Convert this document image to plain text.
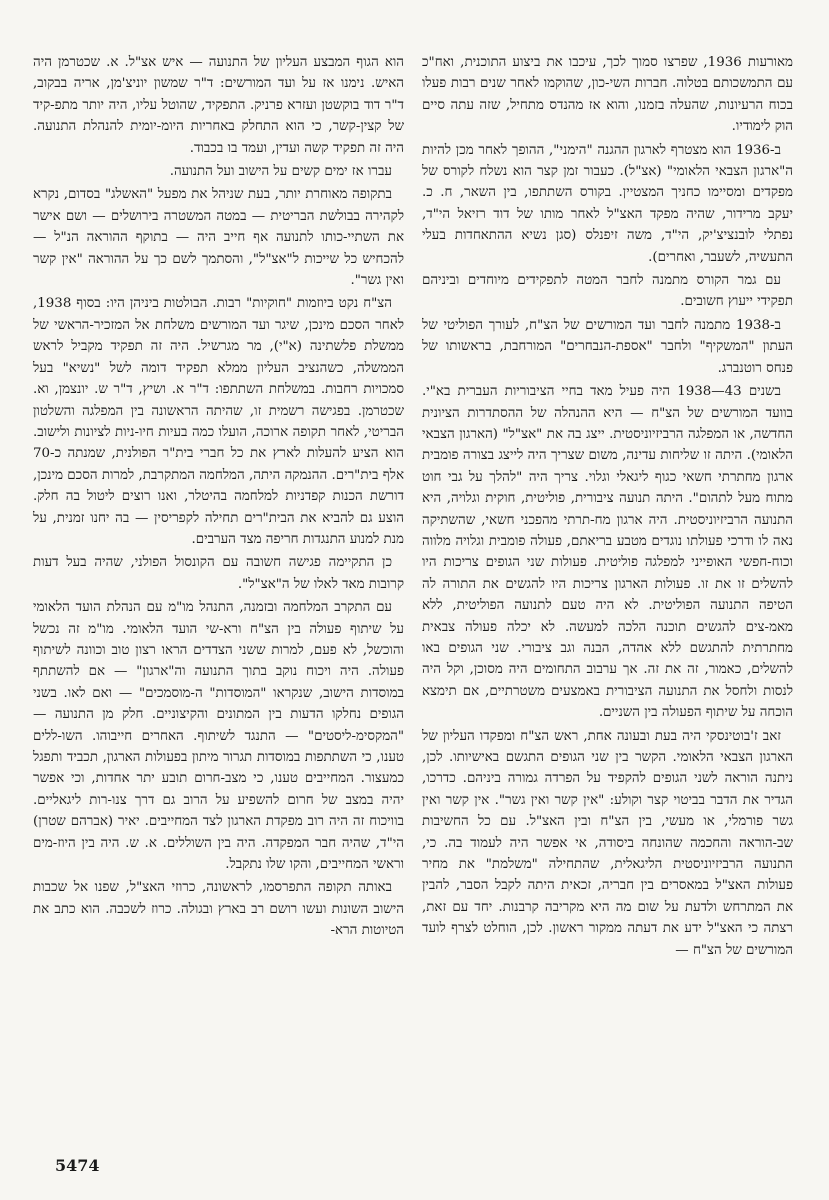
מאורעות 1936, שפרצו סמוך לכך, עיכבו את ביצוע התוכנית, ואח"כ עם התמשכותם בטלוה. חברות השי-כון, שהוקמו לאחר שנים רבות פעלו בכוח הרעיונות, שהעלה בזמנו, והוא אז מהנדס מתחיל, שזה עתה סיים הוק לימודיו.

ב-1936 הוא מצטרף לארגון ההגנה "הימני", ההופך לאחר מכן להיות ה"ארגון הצבאי הלאומי" (אצ"ל). כעבור זמן קצר הוא נשלח לקורס של מפקדים ומסיימו כחניך המצטיין. בקורס השתתפו, בין השאר, ח. כ. יעקב מרידור, שהיה מפקד האצ"ל לאחר מותו של דוד רזיאל הי"ד, נפתלי לובנציצ'יק, הי"ד, משה זיפנלס (סגן נשיא ההתאחדות בעלי התעשיה, לשעבר, ואחרים).

עם גמר הקורס מתמנה לחבר המטה לתפקידים מיוחדים וביניהם תפקידי ייעוץ חשובים.

ב-1938 מתמנה לחבר ועד המורשים של הצ"ח, לעורך הפוליטי של העתון "המשקיף" ולחבר "אספת-הנבחרים" המורחבת, בראשותו של פנחס רוטנברג.

בשנים 43—1938 היה פעיל מאד בחיי הציבוריות העברית בא"י. בוועד המורשים של הצ"ח — היא ההנהלה של ההסתדרות הציונית החדשה, או המפלגה הרביזיוניסטית. ייצג בה את "אצ"ל" (הארגון הצבאי הלאומי). היתה זו שליחות עדינה, משום שצריך היה לייצג בצורה פומבית ארגון מחתרתי חשאי כגוף ליגאלי וגלוי. צריך היה "להלך על גבי חוט מתוח מעל לתהום". היתה תנועה ציבורית, פוליטית, חוקית וגלויה, היא התנועה הרביזיוניסטית. היה ארגון מח-תרתי מהפכני חשאי, שהשתיקה נאה לו ודרכי פעולתו נוגדים מטבע בריאתם, פעולה פומבית וגלויה מלווה וכוח-חפשי האופייני למפלגה פוליטית. פעולות שני הגופים צריכות היו להשלים זו את זו. פעולות הארגון צריכות היו להגשים את התורה לה הטיפה התנועה הפוליטית. לא היה טעם לתנועה הפוליטית, ללא מאמ-צים להגשים תוכנה הלכה למעשה. לא יכלה פעולה צבאית מחתרתית להתגשם ללא אהדה, הבנה וגב ציבורי. שני הגופים באו להשלים, כאמור, זה את זה. אך ערבוב התחומים היה מסוכן, וקל היה לנסות ולחסל את התנועה הציבורית באמצעים משטרתיים, אם תימצא הוכחה על שיתוף הפעולה בין השניים.

זאב ז'בוטינסקי היה בעת ובעונה אחת, ראש הצ"ח ומפקדו העליון של הארגון הצבאי הלאומי. הקשר בין שני הגופים התגשם באישיותו. לכן, ניתנה הוראה לשני הגופים להקפיד על הפרדה גמורה ביניהם. כדרכו, הגדיר את הדבר בביטוי קצר וקולע: "אין קשר ואין גשר". אין קשר ואין גשר פורמלי, או מעשי, בין הצ"ח ובין האצ"ל. עם כל החשיבות שב-הוראה והחכמה שהונחה ביסודה, אי אפשר היה לעמוד בה. כי, התנועה הרביזיוניסטית הליגאלית, שהתחילה "משלמת" את מחיר פעולות האצ"ל במאסרים בין חבריה, זכאית היתה לקבל הסבר, להבין את המתרחש ולדעת על שום מה היא מקריבה קרבנות. יחד עם זאת, רצתה כי האצ"ל ידע את דעתה ממקור ראשון. לכן, הוחלט לצרף לועד המורשים של הצ"ח —

הוא הגוף המבצע העליון של התנועה — איש אצ"ל. א. שכטרמן היה האיש. נימנו אז על ועד המורשים: ד"ר שמשון יוניצ'מן, אריה בבקוב, ד"ר דוד בוקשטן ועזרא פרניק. התפקיד, שהוטל עליו, היה יותר מתפ-קיד של קצין-קשר, כי הוא התחלק באחריות היומ-יומית להנהלת התנועה. היה זה תפקיד קשה ועדין, ועמד בו בכבוד.

עברו אז ימים קשים על הישוב ועל התנועה.

בתקופה מאוחרת יותר, בעת שניהל את מפעל "האשלג" בסדום, נקרא לקהירה בבולשת הבריטית — במטה המשטרה בירושלים — ושם אישר את השתיי-כותו לתנועה אף חייב היה — בתוקף ההוראה הנ"ל — להכחיש כל שייכות ל"אצ"ל", והסתמך לשם כך על ההוראה "אין קשר ואין גשר".

הצ"ח נקט ביוזמות "חוקיות" רבות. הבולטות ביניהן היו: בסוף 1938, לאחר הסכם מינכן, שיגר ועד המורשים משלחת אל המזכיר-הראשי של ממשלת פלשתינה (א"י), מר מגרשיל. היה זה תפקיד מקביל לראש הממשלה, כשהנציב העליון ממלא תפקיד דומה לשל "נשיא" בעל סמכויות רחבות. במשלחת השתתפו: ד"ר א. ושיץ, ד"ר ש. יונצמן, וא. שכטרמן. בפגישה רשמית זו, שהיתה הראשונה בין המפלגה והשלטון הבריטי, לאחר תקופה ארוכה, הועלו כמה בעיות חיו-ניות לציונות ולישוב. הוא הציע להעלות לארץ את כל חברי בית"ר הפולנית, שמנתה כ-70 אלף בית"רים. ההנמקה היתה, המלחמה המתקרבת, למרות הסכם מינכן, דורשת הכנות קפדניות למלחמה בהיטלר, ואנו רוצים ליטול בה חלק. הוצע גם להביא את הבית"רים תחילה לקפריסין — בה יחנו זמנית, על מנת למנוע התנגדות חריפה מצד הערבים.

כן התקיימה פגישה חשובה עם הקונסול הפולני, שהיה בעל דעות קרובות מאד לאלו של ה"אצ"ל".

עם התקרב המלחמה ובזמנה, התנהל מו"מ עם הנהלת הועד הלאומי על שיתוף פעולה בין הצ"ח ורא-שי הועד הלאומי. מו"מ זה נכשל והוכשל, לא פעם, למרות ששני הצדדים הראו רצון טוב וכוונה לשיתוף פעולה. היה ויכוח נוקב בתוך התנועה וה"ארגון" — אם להשתתף במוסדות הישוב, שנקראו "המוסדות" ה-מוסמכים" — ואם לאו. בשני הגופים נחלקו הדעות בין המתונים והקיצוניים. חלק מן התנועה — "המקסימ-ליסטים" — התנגד לשיתוף. האחרים חייבוהו. השו-ללים טענו, כי השתתפות במוסדות תגרור מיתון בפעולות הארגון, תכביד ותפגל כמעצור. המחייבים טענו, כי מצב-חרום תובע יתר אחדות, וכי אפשר יהיה במצב של חרום להשפיע על הרוב גם דרך צנו-רות ליגאליים. בוויכוח זה היה רוב מפקדת הארגון לצד המחייבים. יאיר (אברהם שטרן) הי"ד, שהיה חבר המפקדה. היה בין השוללים. א. ש. היה בין היוז-מים וראשי המחייבים, והקו שלו נתקבל.

באותה תקופה התפרסמו, לראשונה, כרוזי האצ"ל, שפנו אל שכבות הישוב השונות ועשו רושם רב בארץ ובגולה. כרוז לשכבה. הוא כתב את הטיוטות הרא-

5474
